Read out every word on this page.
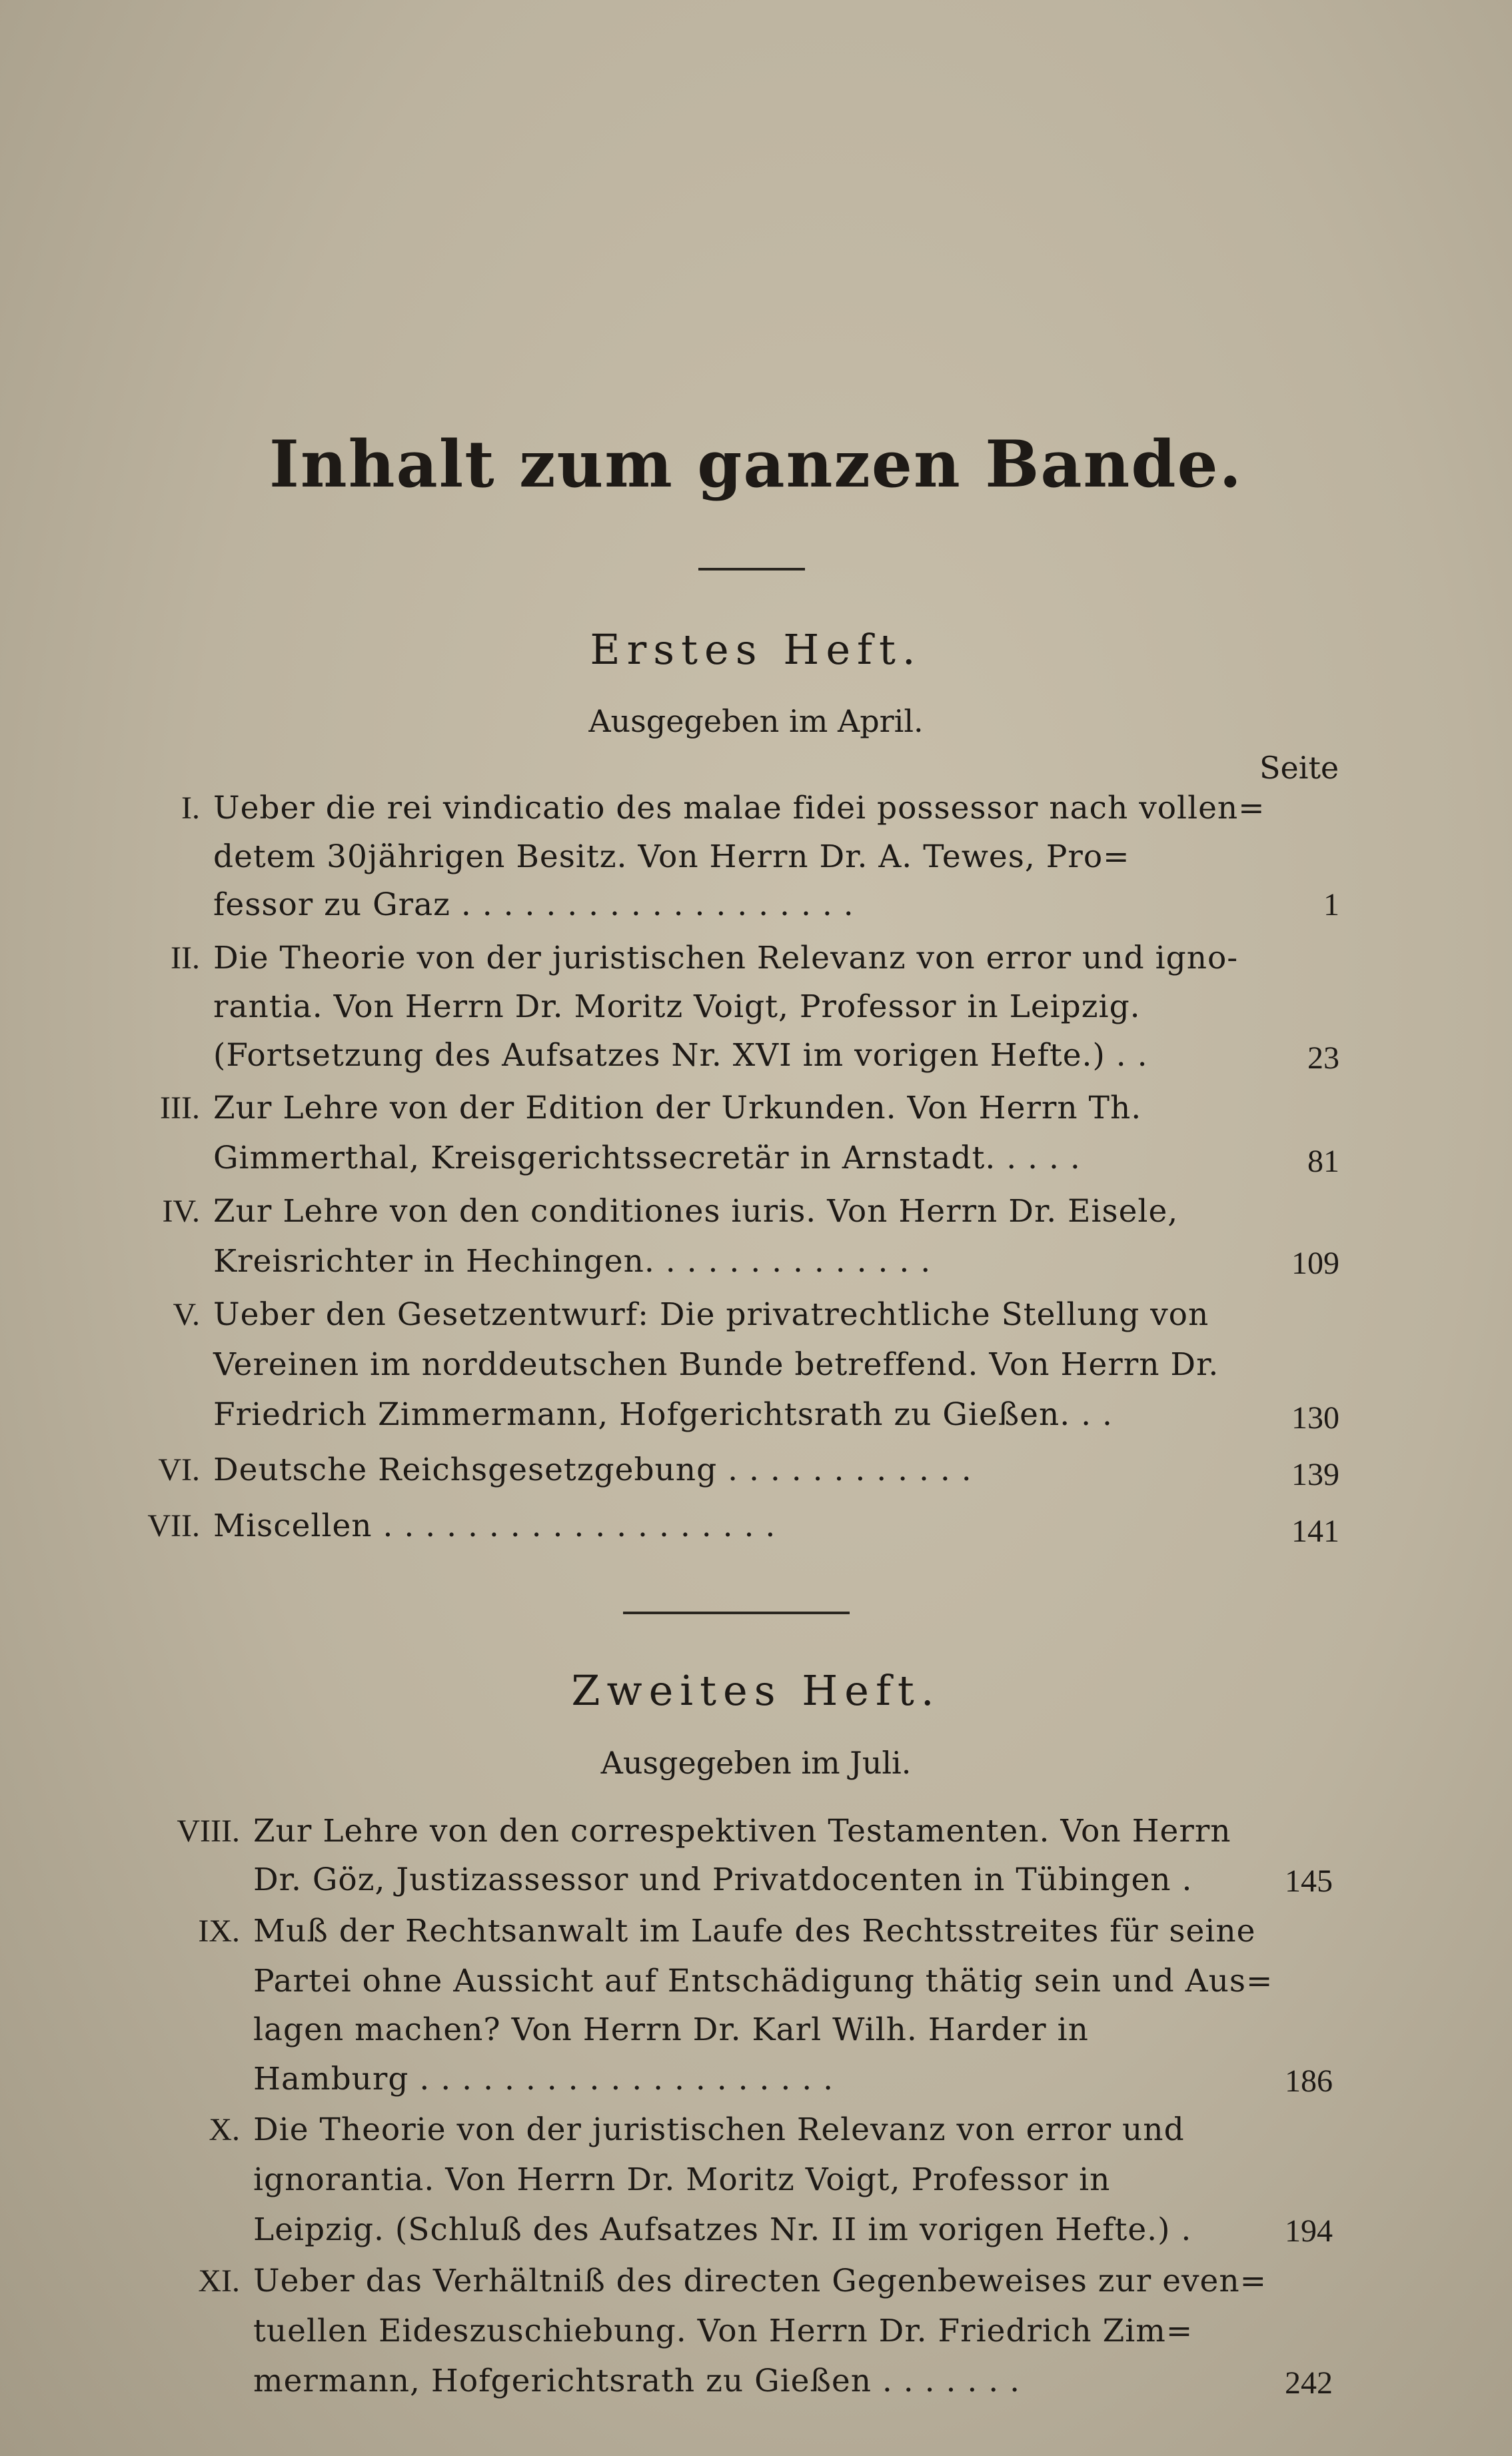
Inhalt zum ganzen Bande.
Erstes Heft.
Ausgegeben im April.
Seite
I. Ueber die rei vindicatio des malae fidei possessor nach vollen=
detem 30jährigen Besitz. Von Herrn Dr. A. Tewes, Pro=
fessor zu Graz . . . . . . . . . . . . . . . . . . .	1
II. Die Theorie von der juristischen Relevanz von error und igno-
rantia. Von Herrn Dr. Moritz Voigt, Professor in Leipzig.
(Fortsetzung des Aufsatzes Nr. XVI im vorigen Hefte.) . .	23
III. Zur Lehre von der Edition der Urkunden. Von Herrn Th.
Gimmerthal, Kreisgerichtssecretär in Arnstadt. . . . .	81
IV. Zur Lehre von den conditiones iuris. Von Herrn Dr. Eisele,
Kreisrichter in Hechingen. . . . . . . . . . . . . .	109
V. Ueber den Gesetzentwurf: Die privatrechtliche Stellung von
Vereinen im norddeutschen Bunde betreffend. Von Herrn Dr.
Friedrich Zimmermann, Hofgerichtsrath zu Gießen. . .	130
VI. Deutsche Reichsgesetzgebung . . . . . . . . . . . .	139
VII. Miscellen . . . . . . . . . . . . . . . . . . .	141
Zweites Heft.
Ausgegeben im Juli.
VIII. Zur Lehre von den correspektiven Testamenten. Von Herrn
Dr. Göz, Justizassessor und Privatdocenten in Tübingen .	145
IX. Muß der Rechtsanwalt im Laufe des Rechtsstreites für seine
Partei ohne Aussicht auf Entschädigung thätig sein und Aus=
lagen machen? Von Herrn Dr. Karl Wilh. Harder in
Hamburg . . . . . . . . . . . . . . . . . . . .	186
X. Die Theorie von der juristischen Relevanz von error und
ignorantia. Von Herrn Dr. Moritz Voigt, Professor in
Leipzig. (Schluß des Aufsatzes Nr. II im vorigen Hefte.) .	194
XI. Ueber das Verhältniß des directen Gegenbeweises zur even=
tuellen Eideszuschiebung. Von Herrn Dr. Friedrich Zim=
mermann, Hofgerichtsrath zu Gießen . . . . . . .	242
